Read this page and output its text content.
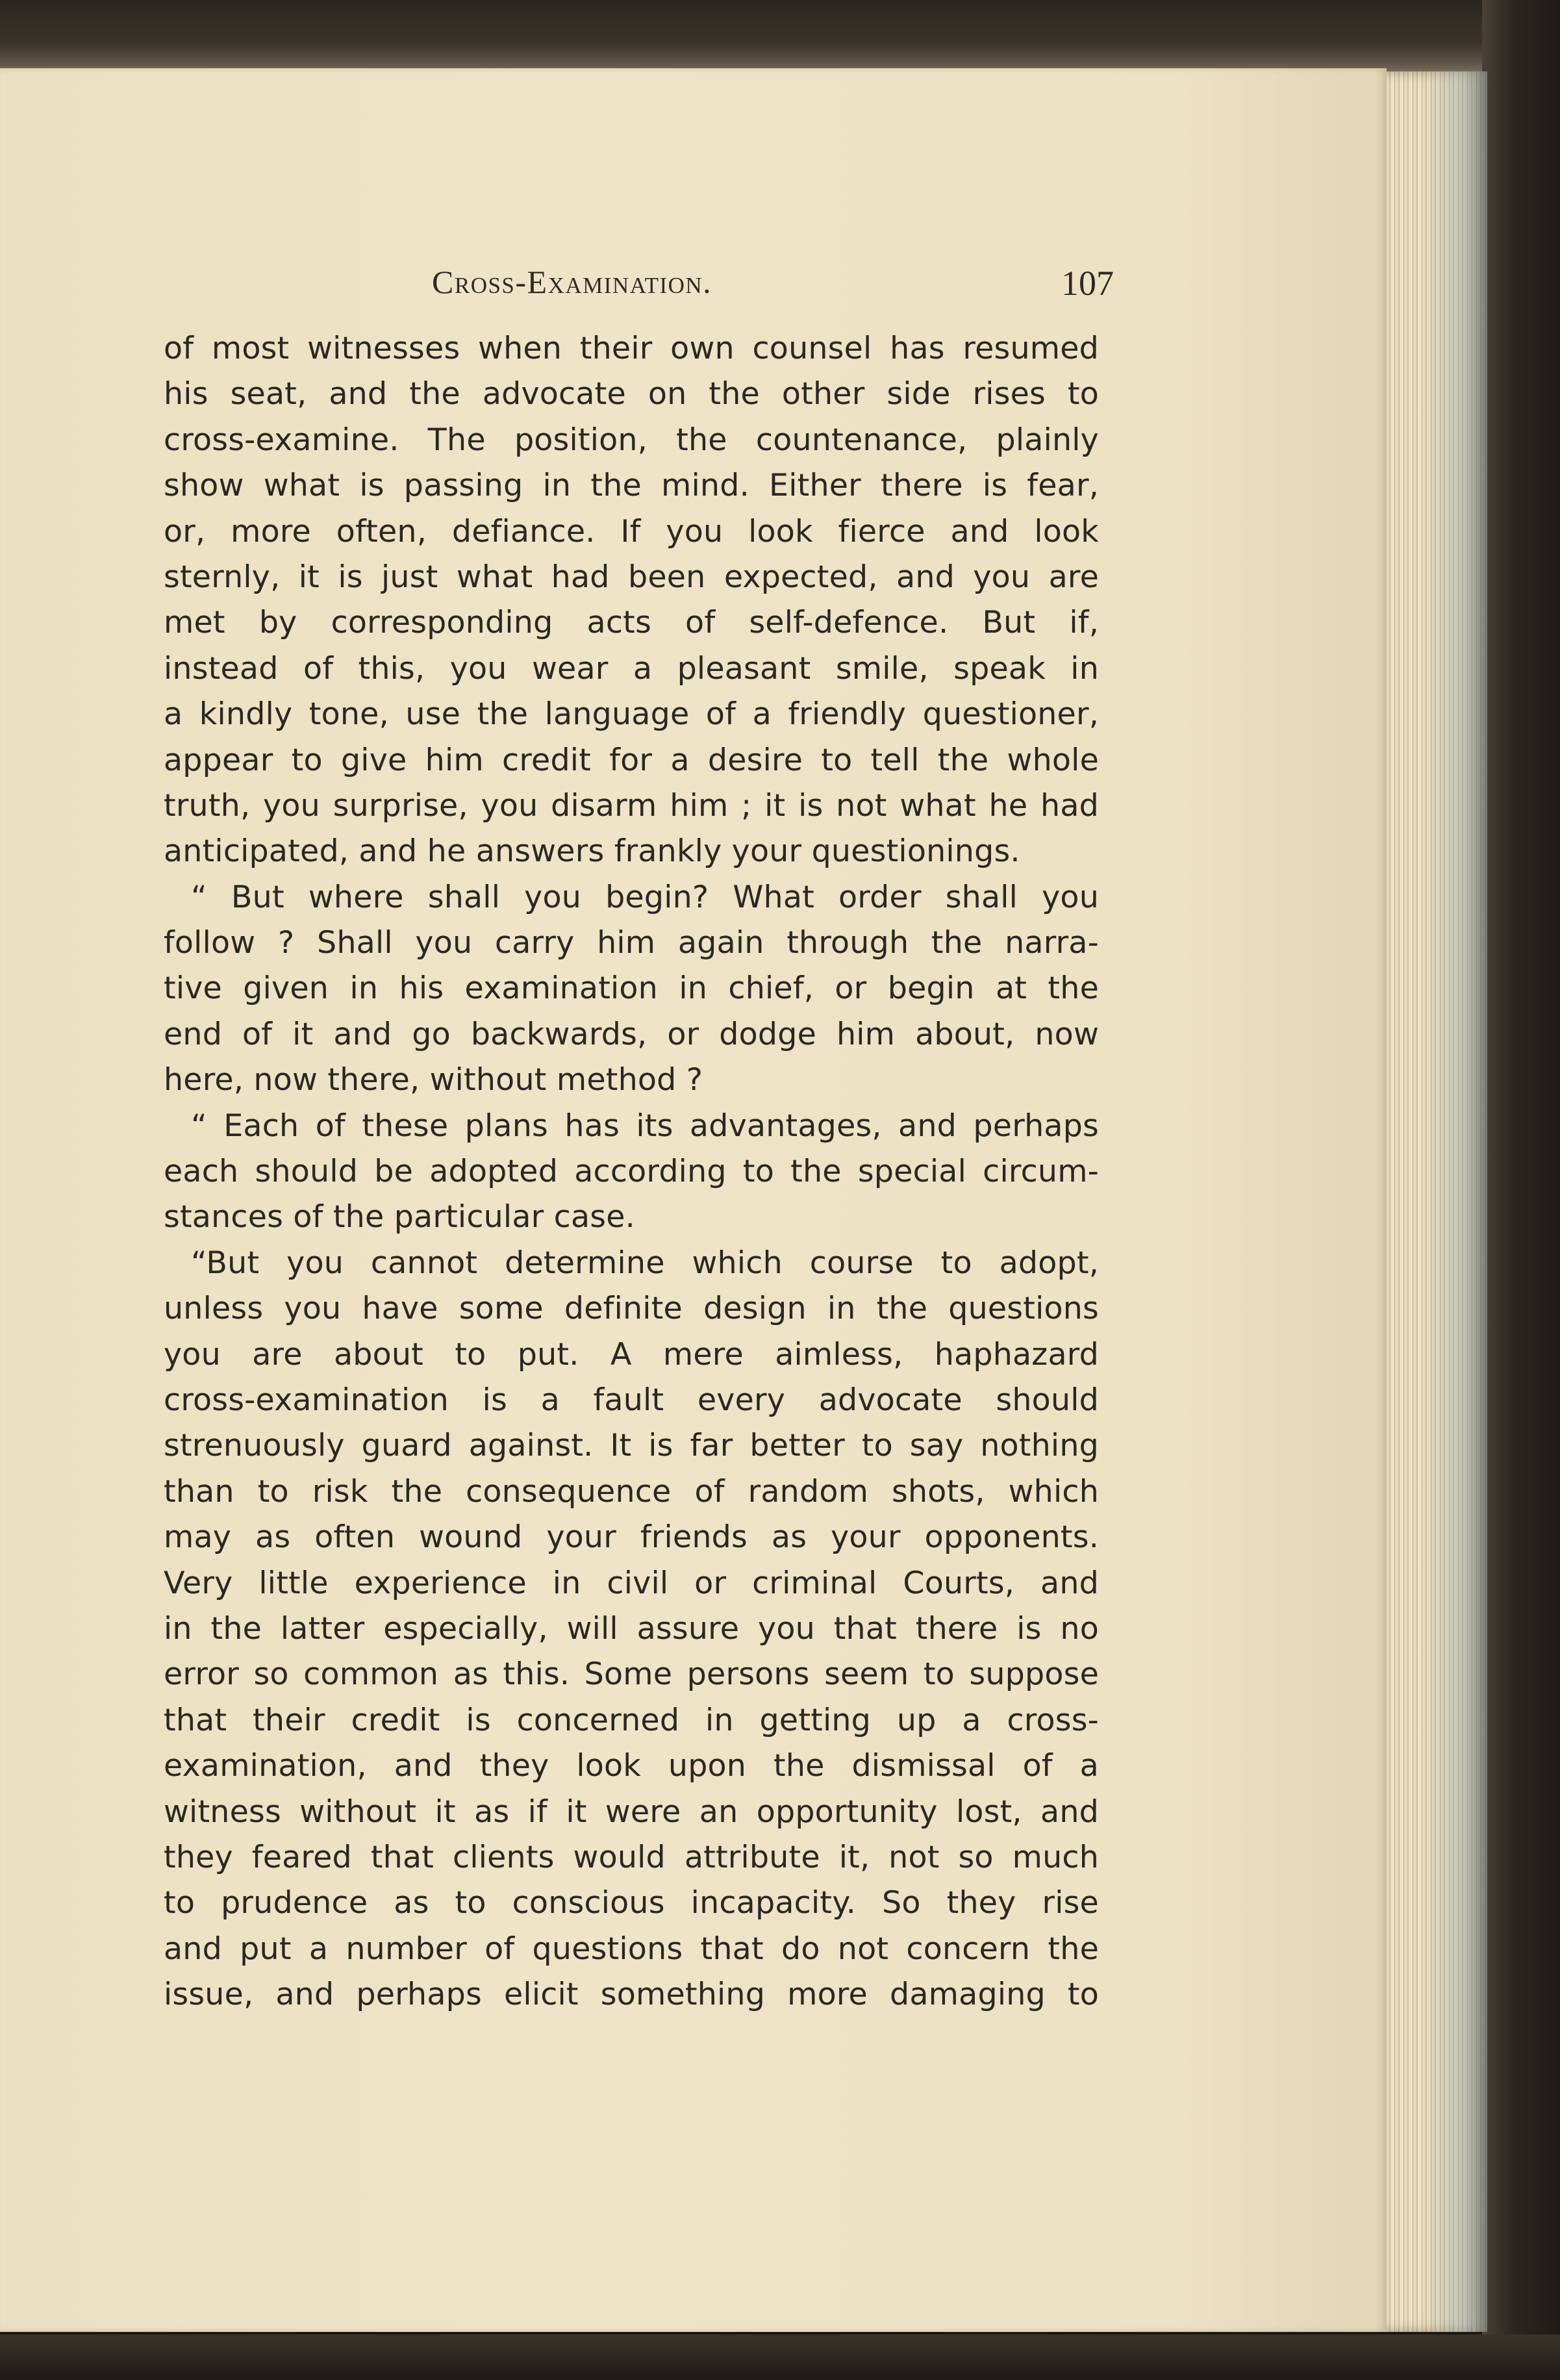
Cross-Examination.	107
of most witnesses when their own counsel has resumed
his seat, and the advocate on the other side rises to
cross-examine. The position, the countenance, plainly
show what is passing in the mind. Either there is fear,
or, more often, defiance. If you look fierce and look
sternly, it is just what had been expected, and you are
met by corresponding acts of self-defence. But if,
instead of this, you wear a pleasant smile, speak in
a kindly tone, use the language of a friendly questioner,
appear to give him credit for a desire to tell the whole
truth, you surprise, you disarm him ; it is not what he had
anticipated, and he answers frankly your questionings.
“ But where shall you begin? What order shall you
follow ? Shall you carry him again through the narra-
tive given in his examination in chief, or begin at the
end of it and go backwards, or dodge him about, now
here, now there, without method ?
“ Each of these plans has its advantages, and perhaps
each should be adopted according to the special circum-
stances of the particular case.
“But you cannot determine which course to adopt,
unless you have some definite design in the questions
you are about to put. A mere aimless, haphazard
cross-examination is a fault every advocate should
strenuously guard against. It is far better to say nothing
than to risk the consequence of random shots, which
may as often wound your friends as your opponents.
Very little experience in civil or criminal Courts, and
in the latter especially, will assure you that there is no
error so common as this. Some persons seem to suppose
that their credit is concerned in getting up a cross-
examination, and they look upon the dismissal of a
witness without it as if it were an opportunity lost, and
they feared that clients would attribute it, not so much
to prudence as to conscious incapacity. So they rise
and put a number of questions that do not concern the
issue, and perhaps elicit something more damaging to
